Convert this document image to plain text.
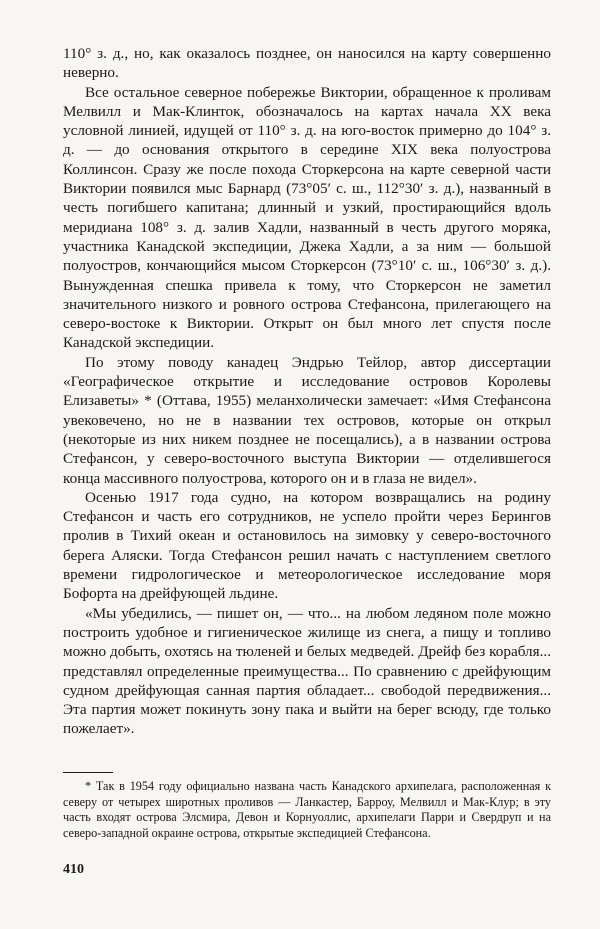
110° з. д., но, как оказалось позднее, он наносился на карту совершенно неверно.

Все остальное северное побережье Виктории, обращенное к проливам Мелвилл и Мак-Клинток, обозначалось на картах начала XX века условной линией, идущей от 110° з. д. на юго-восток примерно до 104° з. д. — до основания открытого в середине XIX века полуострова Коллинсон. Сразу же после похода Сторкерсона на карте северной части Виктории появился мыс Барнард (73°05′ с. ш., 112°30′ з. д.), названный в честь погибшего капитана; длинный и узкий, простирающийся вдоль меридиана 108° з. д. залив Хадли, названный в честь другого моряка, участника Канадской экспедиции, Джека Хадли, а за ним — большой полуостров, кончающийся мысом Сторкерсон (73°10′ с. ш., 106°30′ з. д.). Вынужденная спешка привела к тому, что Сторкерсон не заметил значительного низкого и ровного острова Стефансона, прилегающего на северо-востоке к Виктории. Открыт он был много лет спустя после Канадской экспедиции.

По этому поводу канадец Эндрью Тейлор, автор диссертации «Географическое открытие и исследование островов Королевы Елизаветы» * (Оттава, 1955) меланхолически замечает: «Имя Стефансона увековечено, но не в названии тех островов, которые он открыл (некоторые из них никем позднее не посещались), а в названии острова Стефансон, у северо-восточного выступа Виктории — отделившегося конца массивного полуострова, которого он и в глаза не видел».

Осенью 1917 года судно, на котором возвращались на родину Стефансон и часть его сотрудников, не успело пройти через Берингов пролив в Тихий океан и остановилось на зимовку у северо-восточного берега Аляски. Тогда Стефансон решил начать с наступлением светлого времени гидрологическое и метеорологическое исследование моря Бофорта на дрейфующей льдине.

«Мы убедились, — пишет он, — что... на любом ледяном поле можно построить удобное и гигиеническое жилище из снега, а пищу и топливо можно добыть, охотясь на тюленей и белых медведей. Дрейф без корабля... представлял определенные преимущества... По сравнению с дрейфующим судном дрейфующая санная партия обладает... свободой передвижения... Эта партия может покинуть зону пака и выйти на берег всюду, где только пожелает».

* Так в 1954 году официально названа часть Канадского архипелага, расположенная к северу от четырех широтных проливов — Ланкастер, Барроу, Мелвилл и Мак-Клур; в эту часть входят острова Элсмира, Девон и Корнуоллис, архипелаги Парри и Свердруп и на северо-западной окраине острова, открытые экспедицией Стефансона.

410
